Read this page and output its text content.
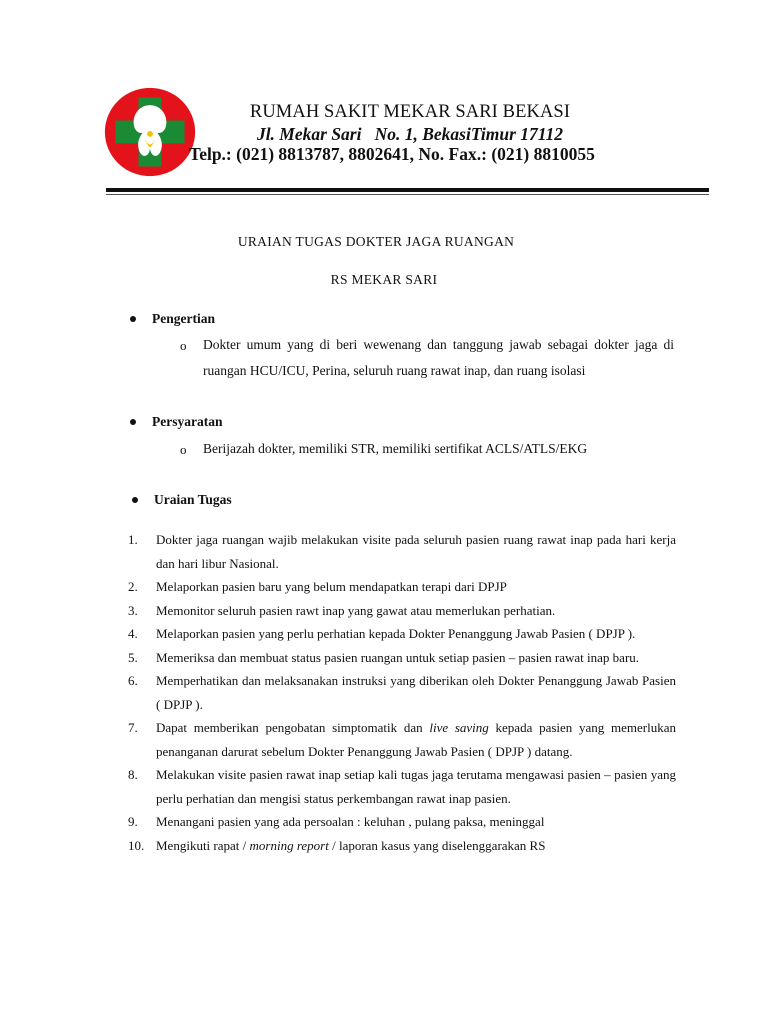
RUMAH SAKIT MEKAR SARI BEKASI
Jl. Mekar Sari   No. 1, BekasiTimur 17112
Telp.: (021) 8813787, 8802641, No. Fax.: (021) 8810055
URAIAN TUGAS DOKTER JAGA RUANGAN
RS MEKAR SARI
Pengertian
o Dokter umum yang di beri wewenang dan tanggung jawab sebagai dokter jaga di ruangan HCU/ICU, Perina, seluruh ruang rawat inap, dan ruang isolasi
Persyaratan
o Berijazah dokter, memiliki STR, memiliki sertifikat ACLS/ATLS/EKG
Uraian Tugas
1.	Dokter jaga ruangan wajib melakukan visite pada seluruh pasien ruang rawat inap pada hari kerja dan hari libur Nasional.
2.	Melaporkan pasien baru yang belum mendapatkan terapi dari DPJP
3.	Memonitor seluruh pasien rawt inap yang gawat atau memerlukan perhatian.
4.	Melaporkan pasien yang perlu perhatian kepada Dokter Penanggung Jawab Pasien ( DPJP ).
5.	Memeriksa dan membuat status pasien ruangan untuk setiap pasien – pasien rawat inap baru.
6.	Memperhatikan dan melaksanakan instruksi yang diberikan oleh Dokter Penanggung Jawab Pasien ( DPJP ).
7.	Dapat memberikan pengobatan simptomatik dan live saving kepada pasien yang memerlukan penanganan darurat sebelum Dokter Penanggung Jawab Pasien ( DPJP ) datang.
8.	Melakukan visite pasien rawat inap setiap kali tugas jaga terutama mengawasi pasien – pasien yang perlu perhatian dan mengisi status perkembangan rawat inap pasien.
9.	Menangani pasien yang ada persoalan : keluhan , pulang paksa, meninggal
10. Mengikuti rapat / morning report / laporan kasus yang diselenggarakan RS
